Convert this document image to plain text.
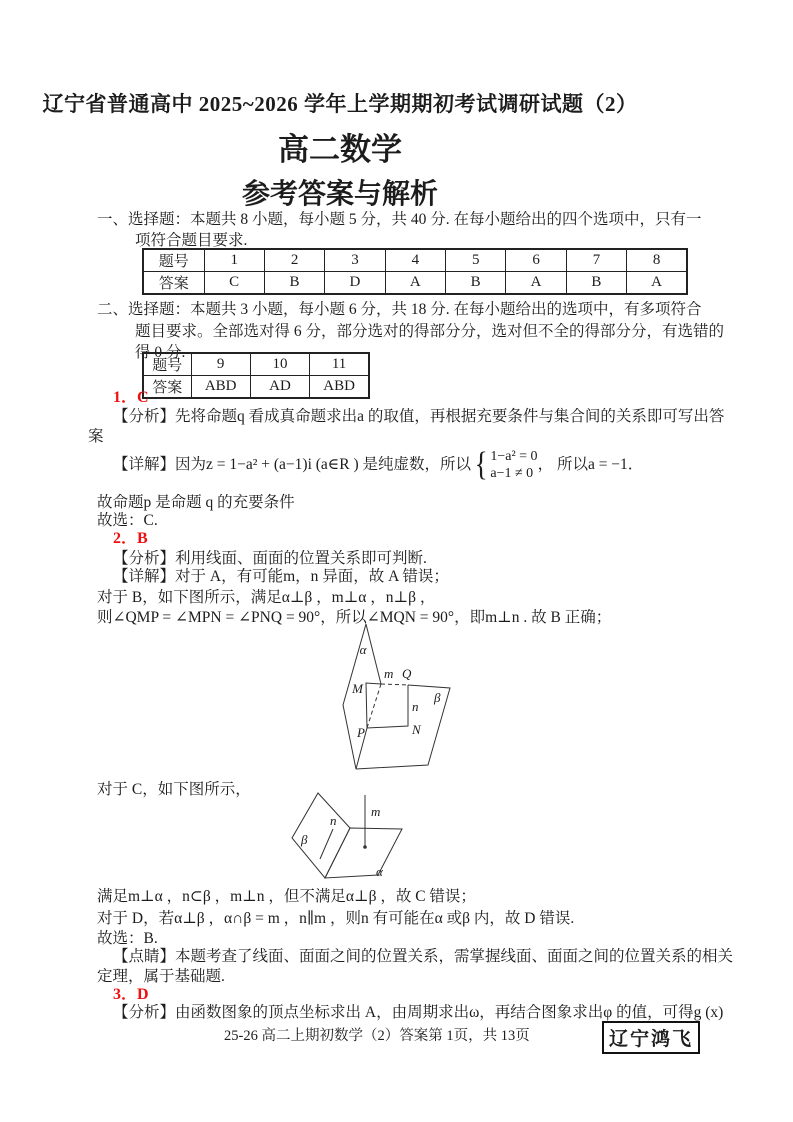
辽宁省普通高中 2025~2026 学年上学期期初考试调研试题（2）
高二数学
参考答案与解析
一、选择题：本题共 8 小题，每小题 5 分，共 40 分. 在每小题给出的四个选项中，只有一
项符合题目要求.
题号	1	2	3	4	5	6	7	8
答案	C	B	D	A	B	A	B	A
二、选择题：本题共 3 小题，每小题 6 分，共 18 分. 在每小题给出的选项中，有多项符合
题目要求。全部选对得 6 分，部分选对的得部分分，选对但不全的得部分分，有选错的
得 0 分.
题号	9	10	11
答案	ABD	AD	ABD
1．C
【分析】先将命题q 看成真命题求出a 的取值，再根据充要条件与集合间的关系即可写出答
案
【详解】因为z = 1−a² + (a−1)i (a∈R ) 是纯虚数，所以 { 1−a² = 0
a−1 ≠ 0
， 所以a = −1．
故命题p 是命题 q 的充要条件
故选：C.
2．B
【分析】利用线面、面面的位置关系即可判断.
【详解】对于 A，有可能m，n 异面，故 A 错误；
对于 B，如下图所示，满足α⊥β ，m⊥α ，n⊥β ，
则∠QMP = ∠MPN = ∠PNQ = 90°，所以∠MQN = 90°，即m⊥n . 故 B 正确；
α
m Q
M
n
β
N
P
对于 C，如下图所示，
m
n
β
α
满足m⊥α ，n⊂β ，m⊥n ，但不满足α⊥β ，故 C 错误；
对于 D，若α⊥β ，α∩β = m ，n∥m ，则n 有可能在α 或β 内，故 D 错误.
故选：B.
【点睛】本题考查了线面、面面之间的位置关系，需掌握线面、面面之间的位置关系的相关
定理，属于基础题.
3．D
【分析】由函数图象的顶点坐标求出 A，由周期求出ω，再结合图象求出φ 的值，可得g (x)
25-26 高二上期初数学（2）答案第 1页，共 13页	辽宁鸿飞
